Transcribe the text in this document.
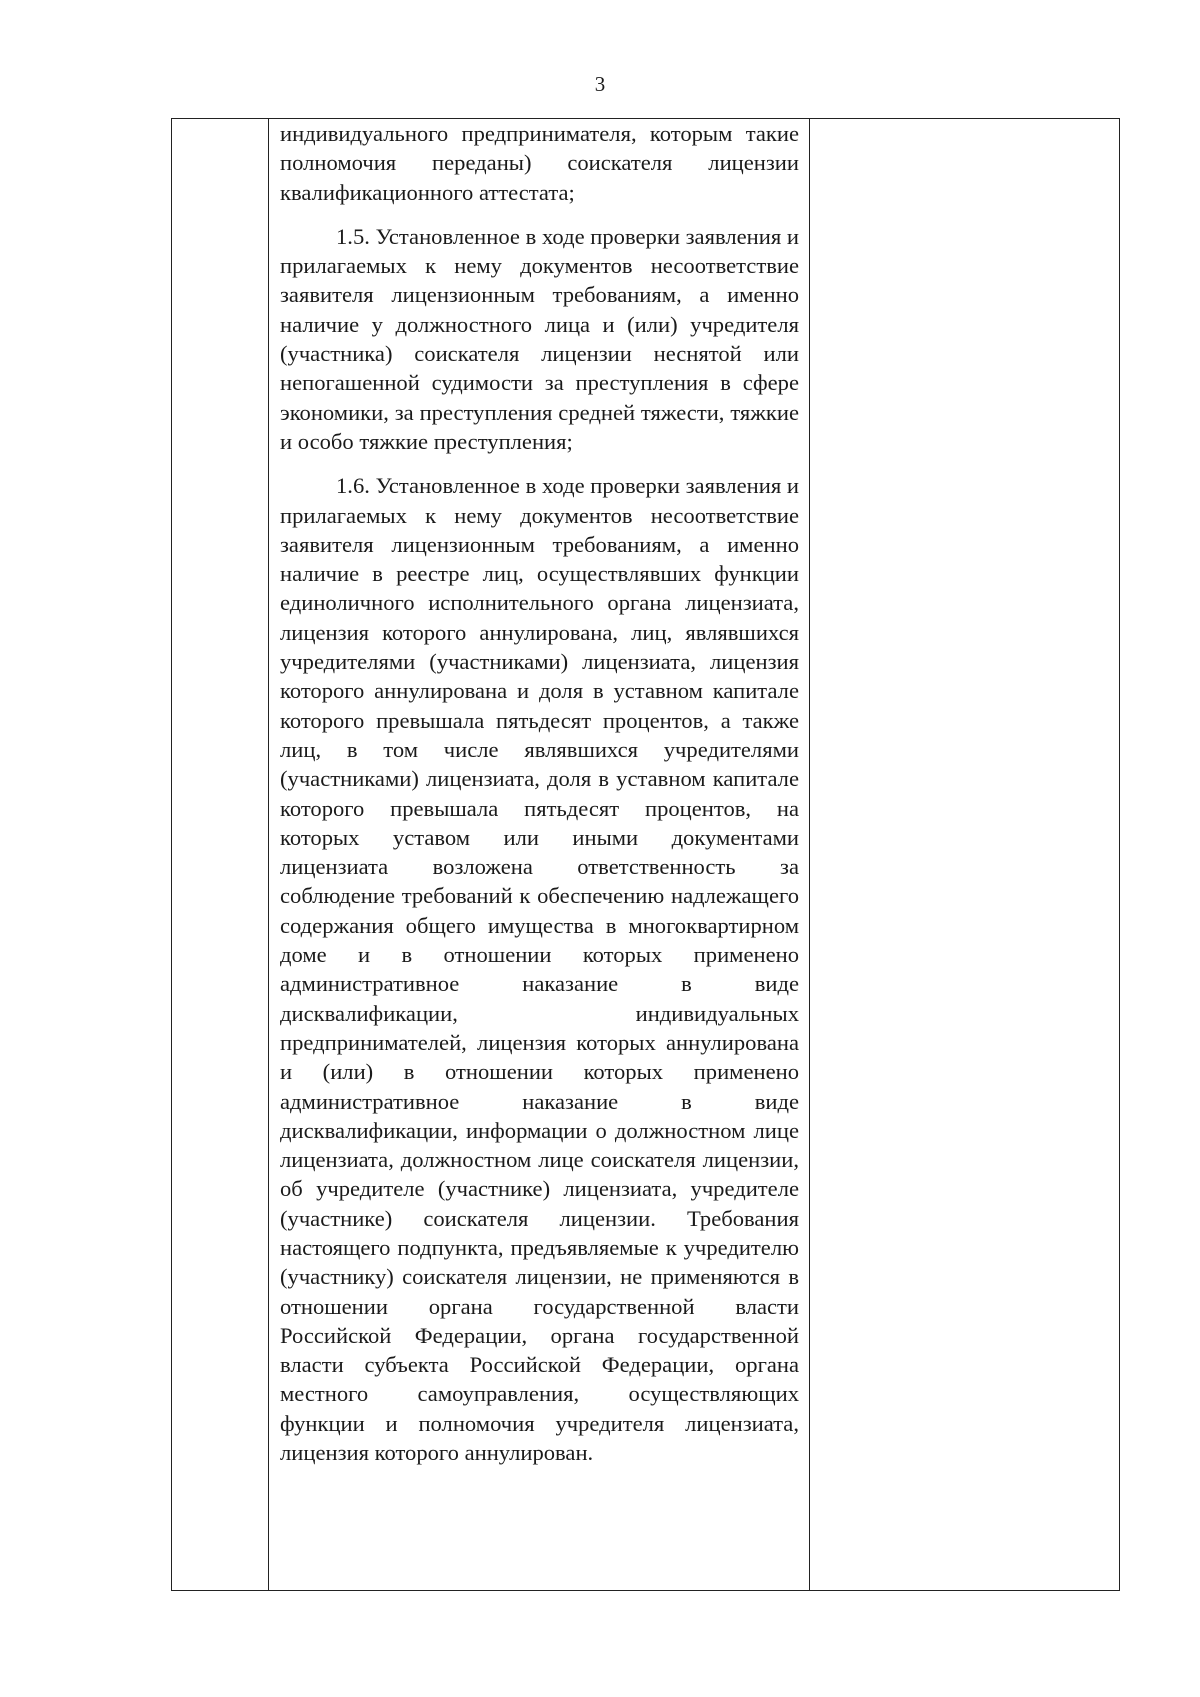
3

индивидуального предпринимателя, которым такие полномочия переданы) соискателя лицензии квалификационного аттестата;

1.5. Установленное в ходе проверки заявления и прилагаемых к нему документов несоответствие заявителя лицензионным требованиям, а именно наличие у должностного лица и (или) учредителя (участника) соискателя лицензии неснятой или непогашенной судимости за преступления в сфере экономики, за преступления средней тяжести, тяжкие и особо тяжкие преступления;

1.6. Установленное в ходе проверки заявления и прилагаемых к нему документов несоответствие заявителя лицензионным требованиям, а именно наличие в реестре лиц, осуществлявших функции единоличного исполнительного органа лицензиата, лицензия которого аннулирована, лиц, являвшихся учредителями (участниками) лицензиата, лицензия которого аннулирована и доля в уставном капитале которого превышала пятьдесят процентов, а также лиц, в том числе являвшихся учредителями (участниками) лицензиата, доля в уставном капитале которого превышала пятьдесят процентов, на которых уставом или иными документами лицензиата возложена ответственность за соблюдение требований к обеспечению надлежащего содержания общего имущества в многоквартирном доме и в отношении которых применено административное наказание в виде дисквалификации, индивидуальных предпринимателей, лицензия которых аннулирована и (или) в отношении которых применено административное наказание в виде дисквалификации, информации о должностном лице лицензиата, должностном лице соискателя лицензии, об учредителе (участнике) лицензиата, учредителе (участнике) соискателя лицензии. Требования настоящего подпункта, предъявляемые к учредителю (участнику) соискателя лицензии, не применяются в отношении органа государственной власти Российской Федерации, органа государственной власти субъекта Российской Федерации, органа местного самоуправления, осуществляющих функции и полномочия учредителя лицензиата, лицензия которого аннулирован.
